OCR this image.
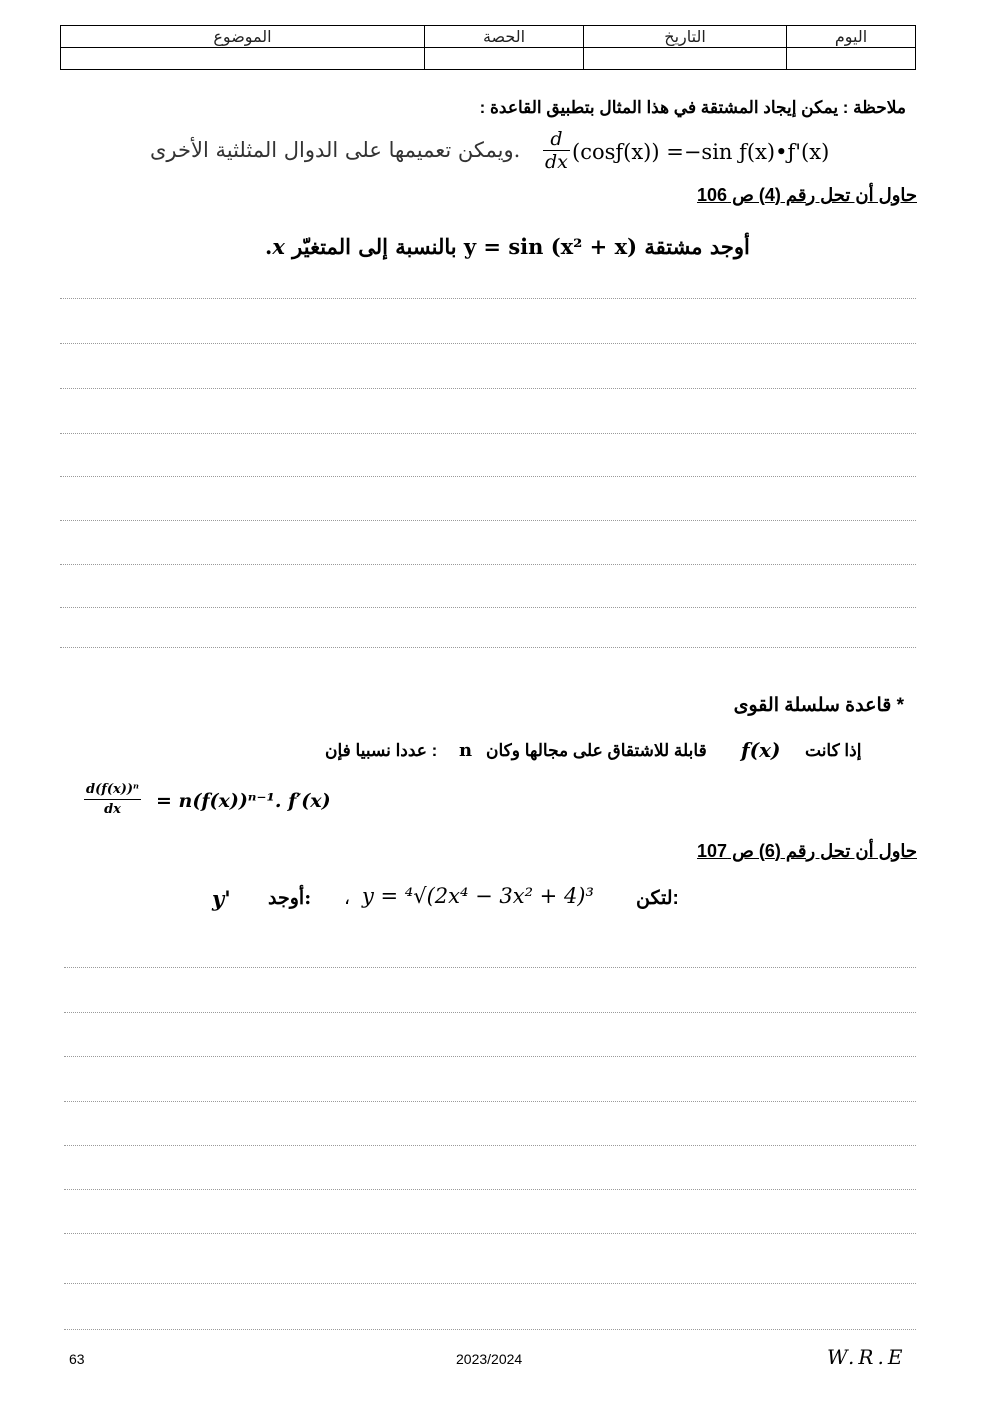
اليوم	التاريخ	الحصة	الموضوع

ملاحظة : يمكن إيجاد المشتقة في هذا المثال بتطبيق القاعدة :
ويمكن تعميمها على الدوال المثلثية الأخرى. $\frac{d}{dx}$ (cosƒ(x)) =−sin ƒ(x)•ƒ'(x)
حاول أن تحل رقم (4) ص 106
.x بالنسبة إلى المتغيّر y = sin (x² + x) أوجد مشتقة
* قاعدة سلسلة القوى
عددا نسبيا فإن : n قابلة للاشتقاق على مجالها وكان f(x) إذا كانت
$\frac{\text{d(f(x))ⁿ}}{dx} = n(f(x))^{n-1}$. f′(x)
حاول أن تحل رقم (6) ص 107
y' أوجد: ، y = ⁴√(2x⁴ − 3x² + 4)³ لتكن:
63	2023/2024	W.R.E
